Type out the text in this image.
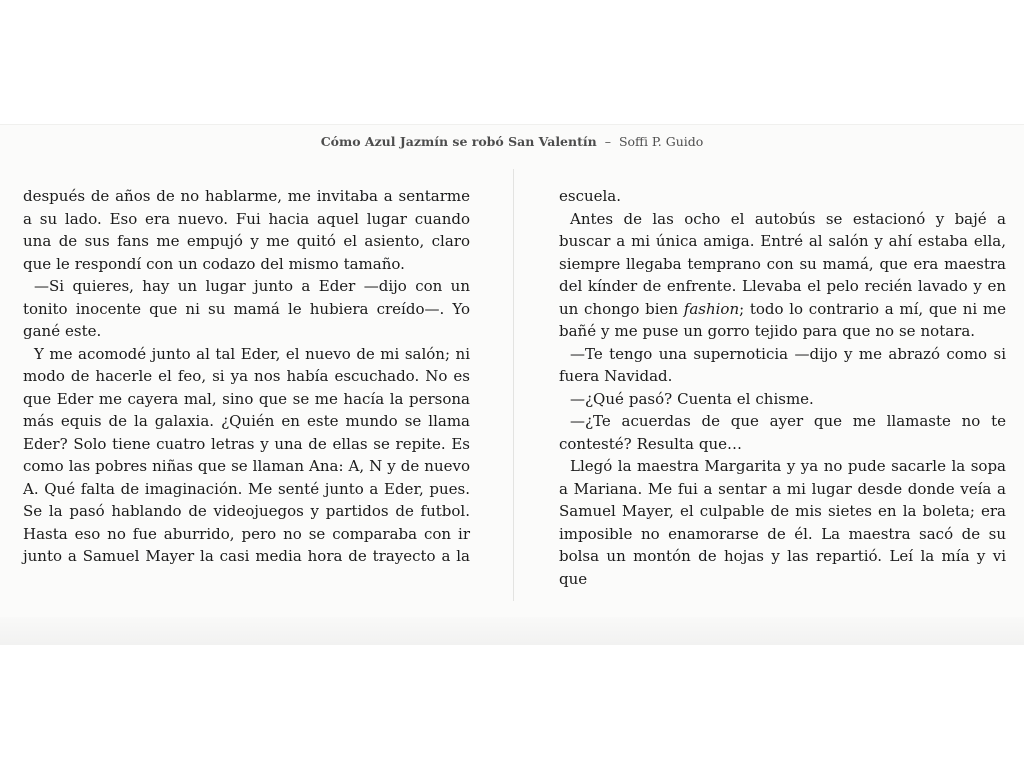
Cómo Azul Jazmín se robó San Valentín – Soffi P. Guido

después de años de no hablarme, me invitaba a sentarme a su lado. Eso era nuevo. Fui hacia aquel lugar cuando una de sus fans me empujó y me quitó el asiento, claro que le respondí con un codazo del mismo tamaño.

—Si quieres, hay un lugar junto a Eder —dijo con un tonito inocente que ni su mamá le hubiera creído—. Yo gané este.

Y me acomodé junto al tal Eder, el nuevo de mi salón; ni modo de hacerle el feo, si ya nos había escuchado. No es que Eder me cayera mal, sino que se me hacía la persona más equis de la galaxia. ¿Quién en este mundo se llama Eder? Solo tiene cuatro letras y una de ellas se repite. Es como las pobres niñas que se llaman Ana: A, N y de nuevo A. Qué falta de imaginación. Me senté junto a Eder, pues. Se la pasó hablando de videojuegos y partidos de futbol. Hasta eso no fue aburrido, pero no se comparaba con ir junto a Samuel Mayer la casi media hora de trayecto a la

escuela.

Antes de las ocho el autobús se estacionó y bajé a buscar a mi única amiga. Entré al salón y ahí estaba ella, siempre llegaba temprano con su mamá, que era maestra del kínder de enfrente. Llevaba el pelo recién lavado y en un chongo bien fashion; todo lo contrario a mí, que ni me bañé y me puse un gorro tejido para que no se notara.

—Te tengo una supernoticia —dijo y me abrazó como si fuera Navidad.

—¿Qué pasó? Cuenta el chisme.

—¿Te acuerdas de que ayer que me llamaste no te contesté? Resulta que…

Llegó la maestra Margarita y ya no pude sacarle la sopa a Mariana. Me fui a sentar a mi lugar desde donde veía a Samuel Mayer, el culpable de mis sietes en la boleta; era imposible no enamorarse de él. La maestra sacó de su bolsa un montón de hojas y las repartió. Leí la mía y vi que
